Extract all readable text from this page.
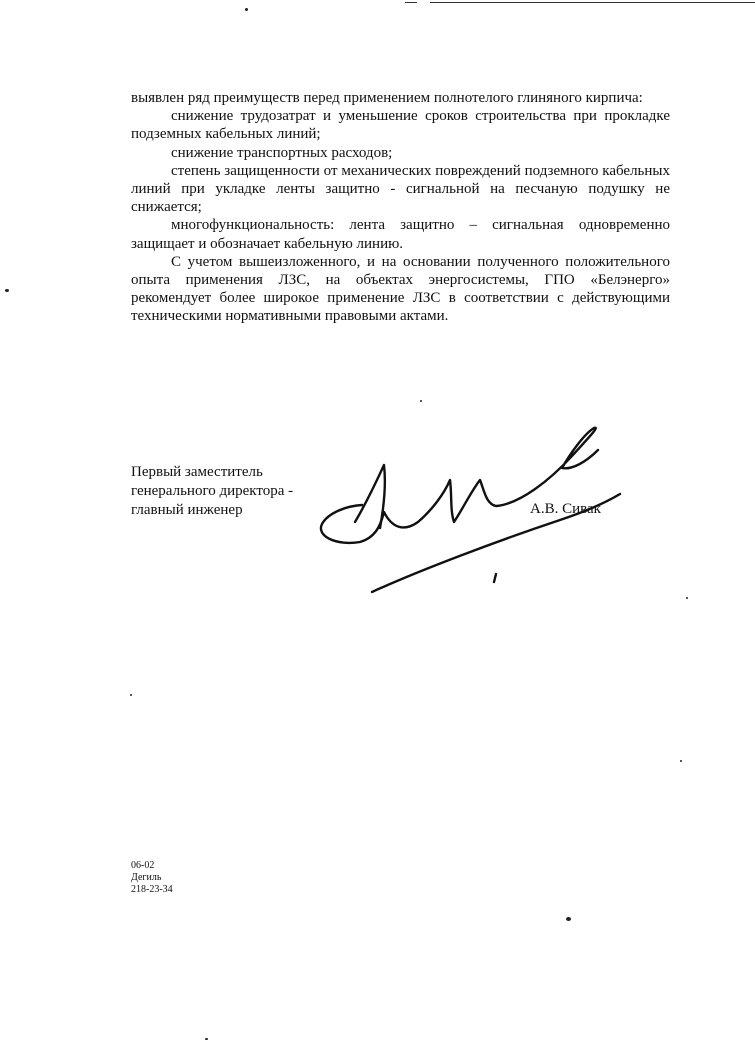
выявлен ряд преимуществ перед применением полнотелого глиняного кирпича:

снижение трудозатрат и уменьшение сроков строительства при прокладке подземных кабельных линий;

снижение транспортных расходов;

степень защищенности от механических повреждений подземного кабельных линий при укладке ленты защитно - сигнальной на песчаную подушку не снижается;

многофункциональность: лента защитно – сигнальная одновременно защищает и обозначает кабельную линию.

С учетом вышеизложенного, и на основании полученного положительного опыта применения ЛЗС, на объектах энергосистемы, ГПО «Белэнерго» рекомендует более широкое применение ЛЗС в соответствии с действующими техническими нормативными правовыми актами.

Первый заместитель
генерального директора -
главный инженер	А.В. Сивак
06-02
Дегиль
218-23-34
